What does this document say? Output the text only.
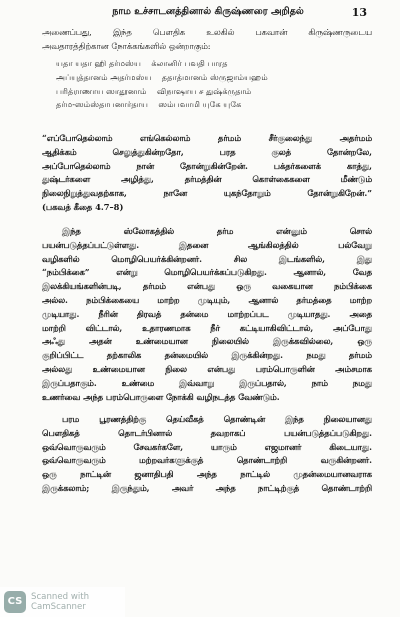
நாம உச்சாடனத்தினால் கிருஷ்ணரை அறிதல்	13
அணைப்பது, இந்த பௌதிக உலகில் பகவான் கிருஷ்ணருடைய
அவதாரத்திற்கான நோக்கங்களில் ஒன்றாகும்:
யதா யதா ஹி தர்மஸ்ய    க்லானிர் பவதி பாரத
அப்யுத்தானம் அதர்மஸ்ய    ததாத்மானம் ஸ்ருஜாம்யஹம்
பரித்ராணாய ஸாதூனாம்    விநாஷாய ச துஷ்க்ருதாம்
தர்ம-ஸம்ஸ்தாபனார்தாய    ஸம்பவாமி யுகே யுகே
“எப்போதெல்லாம் எங்கெல்லாம் தர்மம் சீர்குலைந்து அதர்மம்
ஆதிக்கம் செலுத்துகின்றதோ, பரத குலத் தோன்றலே,
அப்போதெல்லாம் நான் தோன்றுகின்றேன். பக்தர்களைக் காத்து,
துஷ்டர்களை அழித்து, தர்மத்தின் கொள்கைகளை மீண்டும்
நிலைநிறுத்துவதற்காக, நானே யுகந்தோறும் தோன்றுகிறேன்.”
(பகவத் கீதை 4.7–8)
இந்த ஸ்லோகத்தில் தர்ம என்னும் சொல்
பயன்படுத்தப்பட்டுள்ளது. இதனை ஆங்கிலத்தில் பல்வேறு
வழிகளில் மொழிபெயர்க்கின்றனர். சில இடங்களில், இது
“நம்பிக்கை” என்று மொழிபெயர்க்கப்படுகிறது. ஆனால், வேத
இலக்கியங்களின்படி, தர்மம் என்பது ஒரு வகையான நம்பிக்கை
அல்ல. நம்பிக்கையை மாற்ற முடியும், ஆனால் தர்மத்தை மாற்ற
முடியாது. நீரின் திரவத் தன்மை மாற்றப்பட முடியாதது. அதை
மாற்றி விட்டால், உதாரணமாக நீர் கட்டியாகிவிட்டால், அப்போது
அஃது அதன் உண்மையான நிலையில் இருக்கவில்லை, ஒரு
குறிப்பிட்ட தற்காலிக தன்மையில் இருக்கின்றது. நமது தர்மம்
அல்லது உண்மையான நிலை என்பது பரம்பொருளின் அம்சமாக
இருப்பதாகும். உண்மை இவ்வாறு இருப்பதால், நாம் நமது
உணர்வை அந்த பரம்பொருளை நோக்கி வழிநடத்த வேண்டும்.
பரம பூரணத்திற்கு தெய்வீகத் தொண்டின் இந்த நிலையானது
பௌதிகத் தொடர்பினால் தவறாகப் பயன்படுத்தப்படுகிறது.
ஒவ்வொருவரும் சேவகர்களே, யாரும் எஜமானர் கிடையாது.
ஒவ்வொருவரும் மற்றவர்களுக்குத் தொண்டாற்றி வருகின்றனர்.
ஒரு நாட்டின் ஜனாதிபதி அந்த நாட்டில் முதன்மையானவராக
இருக்கலாம்; இருந்தும், அவர் அந்த நாட்டிற்குத் தொண்டாற்றி
CS	Scanned with
CamScanner
